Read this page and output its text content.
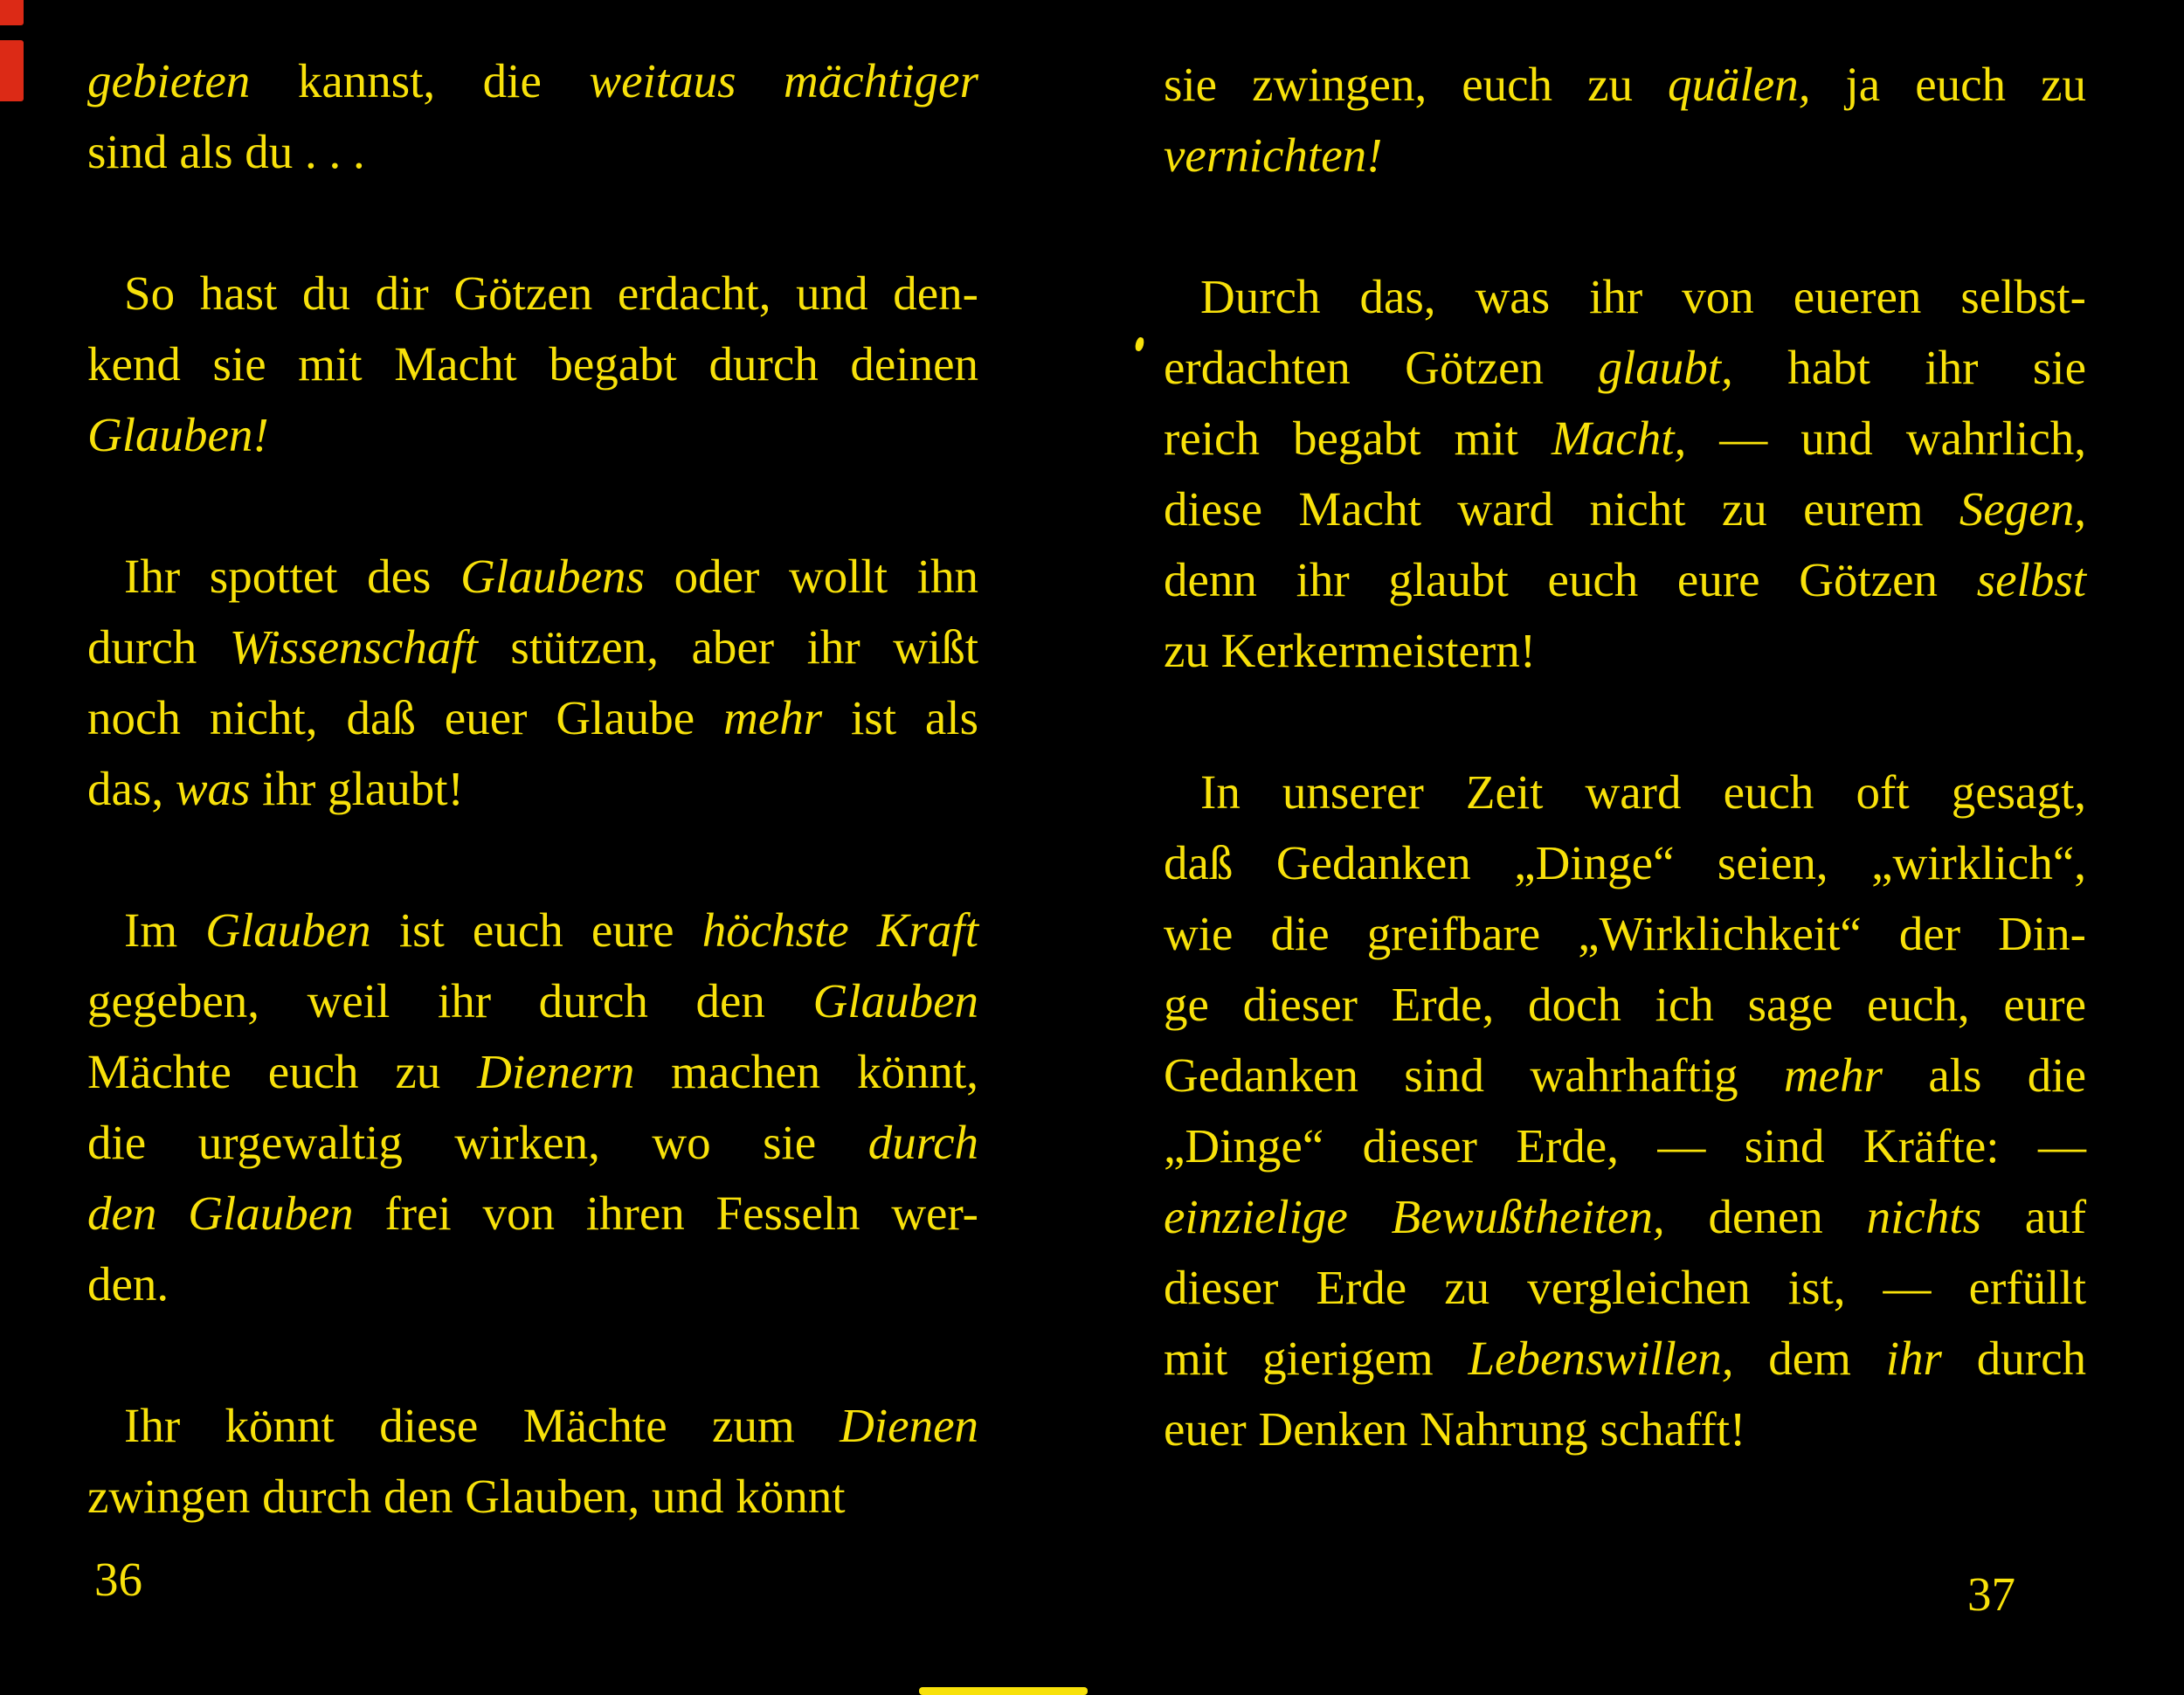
gebieten kannst, die weitaus mächtiger
sind als du . . .
So hast du dir Götzen erdacht, und den-
kend sie mit Macht begabt durch deinen
Glauben!
Ihr spottet des Glaubens oder wollt ihn
durch Wissenschaft stützen, aber ihr wißt
noch nicht, daß euer Glaube mehr ist als
das, was ihr glaubt!
Im Glauben ist euch eure höchste Kraft
gegeben, weil ihr durch den Glauben
Mächte euch zu Dienern machen könnt,
die urgewaltig wirken, wo sie durch
den Glauben frei von ihren Fesseln wer-
den.
Ihr könnt diese Mächte zum Dienen
zwingen durch den Glauben, und könnt
36
sie zwingen, euch zu quälen, ja euch zu
vernichten!
Durch das, was ihr von eueren selbst-
erdachten Götzen glaubt, habt ihr sie
reich begabt mit Macht, — und wahrlich,
diese Macht ward nicht zu eurem Segen,
denn ihr glaubt euch eure Götzen selbst
zu Kerkermeistern!
In unserer Zeit ward euch oft gesagt,
daß Gedanken „Dinge“ seien, „wirklich“,
wie die greifbare „Wirklichkeit“ der Din-
ge dieser Erde, doch ich sage euch, eure
Gedanken sind wahrhaftig mehr als die
„Dinge“ dieser Erde, — sind Kräfte: —
einzielige Bewußtheiten, denen nichts auf
dieser Erde zu vergleichen ist, — erfüllt
mit gierigem Lebenswillen, dem ihr durch
euer Denken Nahrung schafft!
37
